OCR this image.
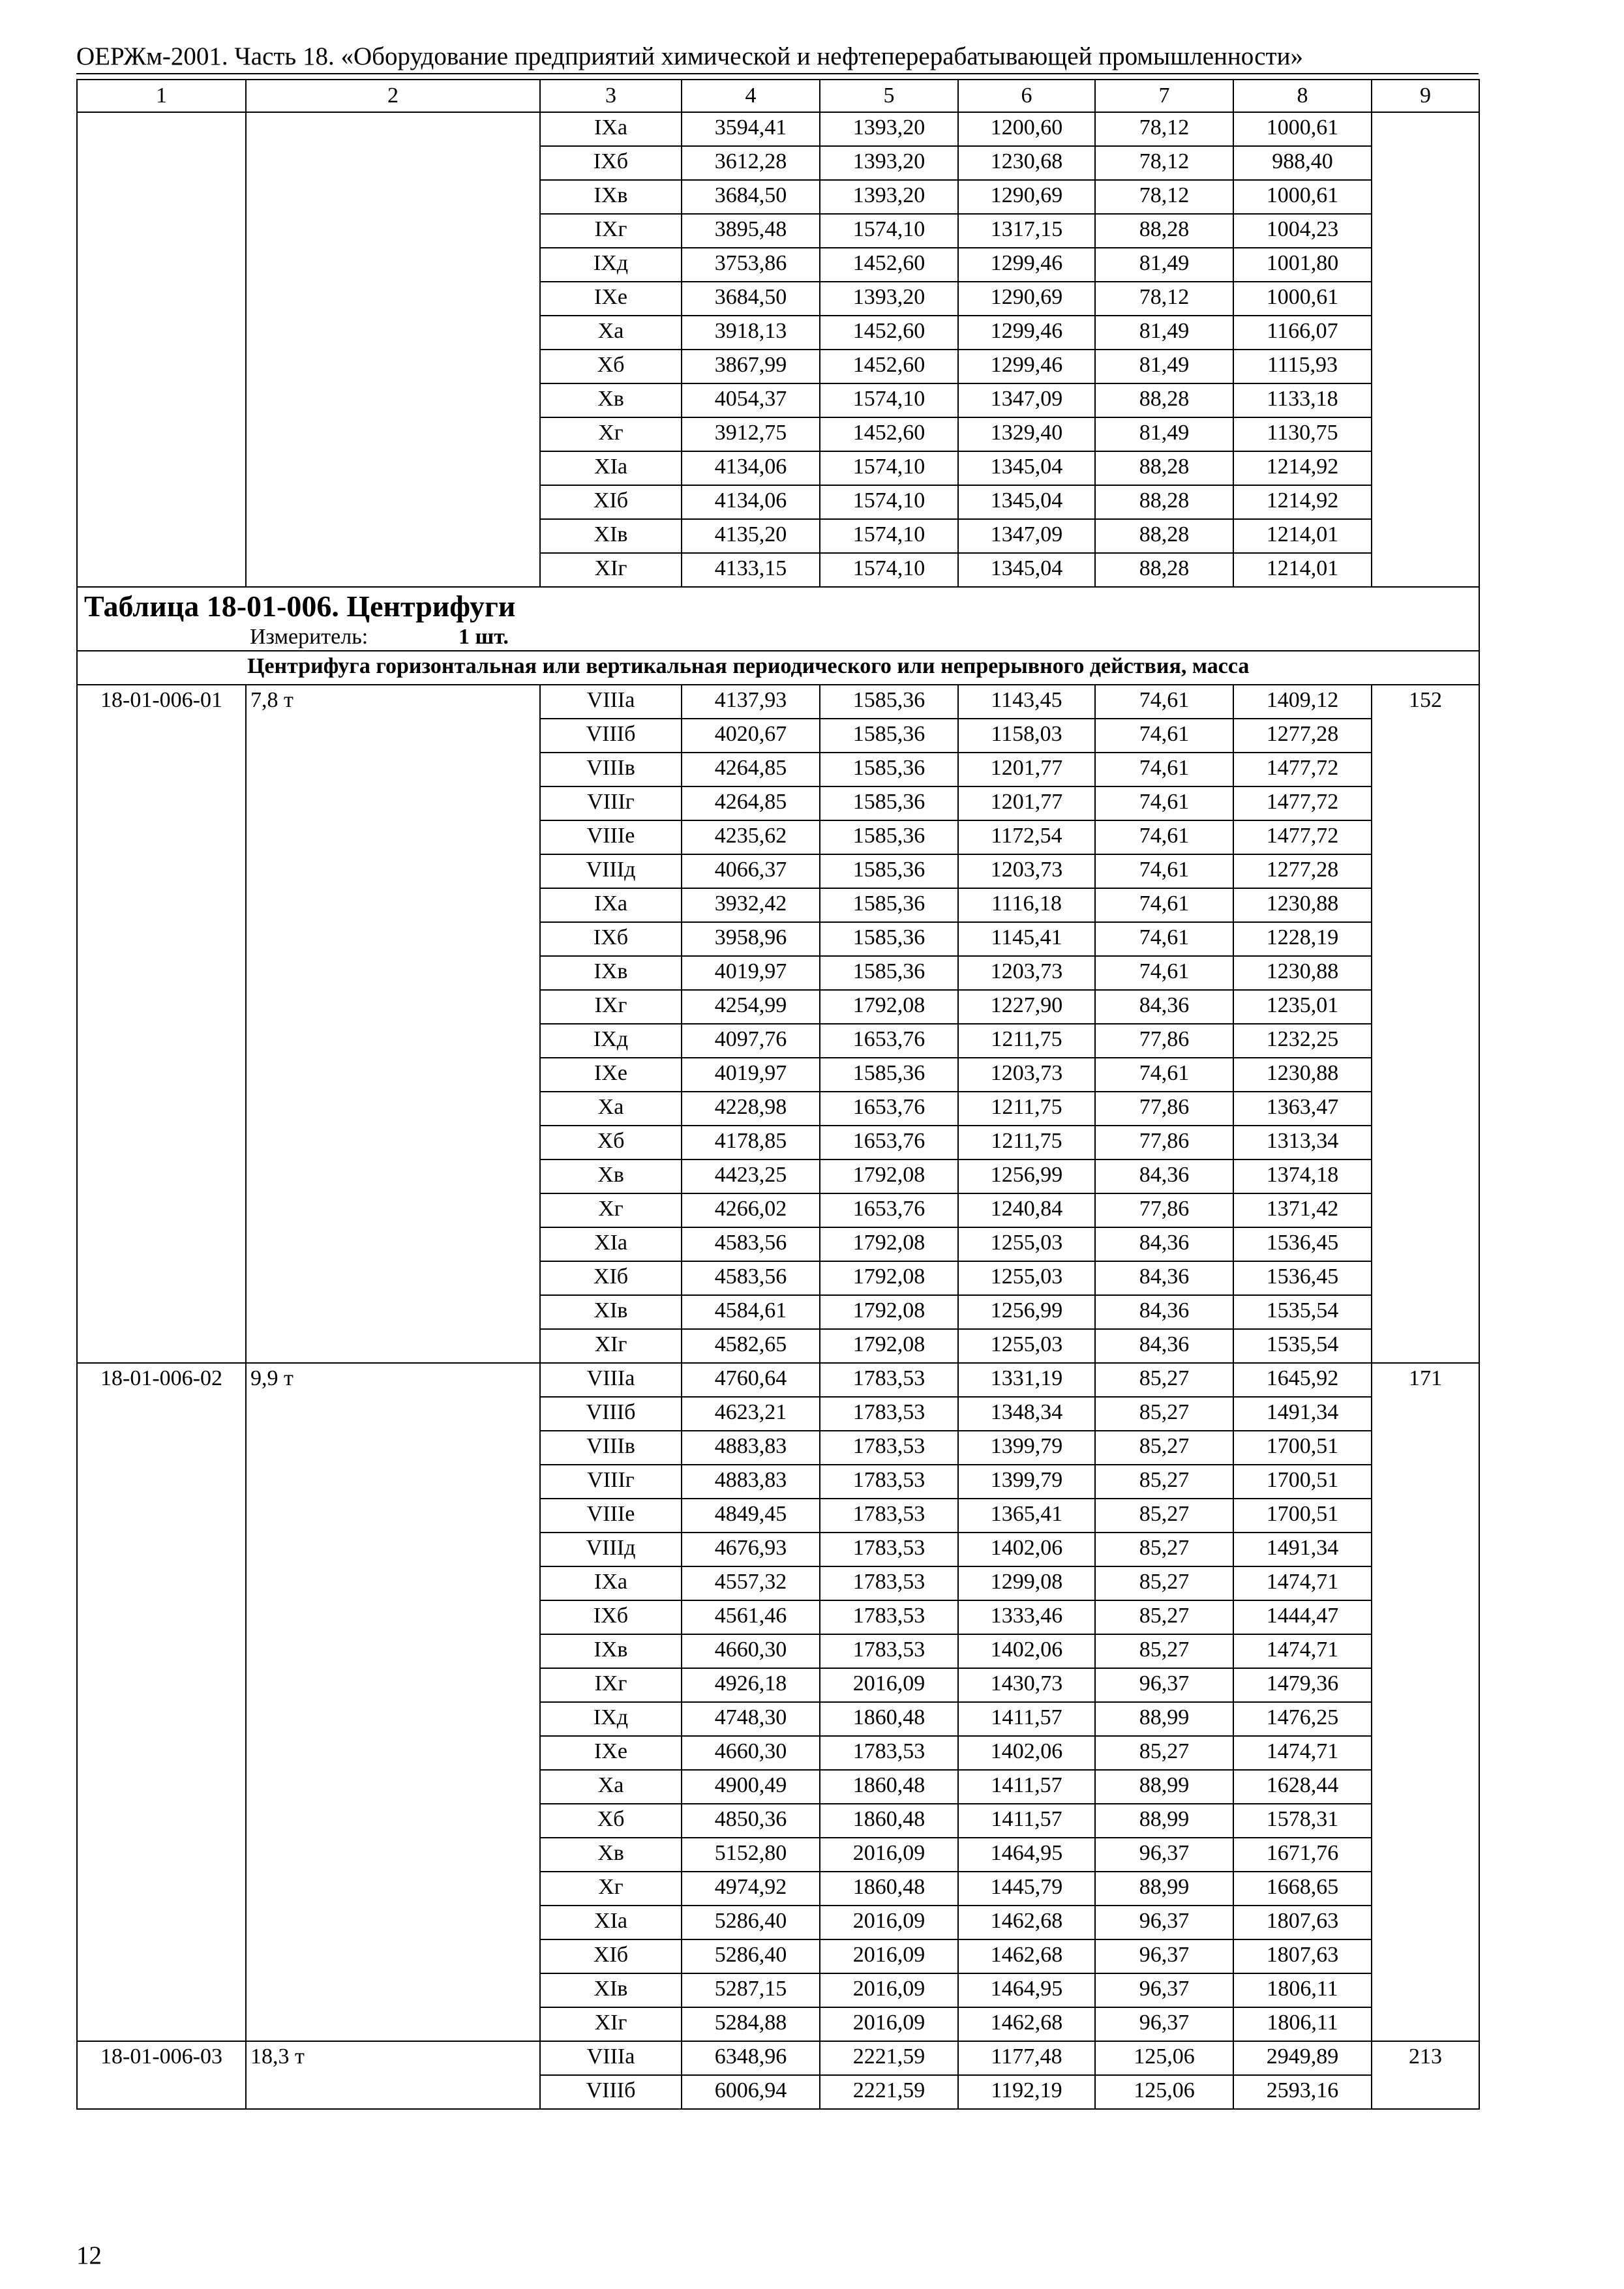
ОЕРЖм-2001. Часть 18. «Оборудование предприятий химической и нефтеперерабатывающей промышленности»
1	2	3	4	5	6	7	8	9
		IXа	3594,41	1393,20	1200,60	78,12	1000,61	
		IXб	3612,28	1393,20	1230,68	78,12	988,40	
		IXв	3684,50	1393,20	1290,69	78,12	1000,61	
		IXг	3895,48	1574,10	1317,15	88,28	1004,23	
		IXд	3753,86	1452,60	1299,46	81,49	1001,80	
		IXе	3684,50	1393,20	1290,69	78,12	1000,61	
		Xа	3918,13	1452,60	1299,46	81,49	1166,07	
		Xб	3867,99	1452,60	1299,46	81,49	1115,93	
		Xв	4054,37	1574,10	1347,09	88,28	1133,18	
		Xг	3912,75	1452,60	1329,40	81,49	1130,75	
		XIа	4134,06	1574,10	1345,04	88,28	1214,92	
		XIб	4134,06	1574,10	1345,04	88,28	1214,92	
		XIв	4135,20	1574,10	1347,09	88,28	1214,01	
		XIг	4133,15	1574,10	1345,04	88,28	1214,01	

Таблица 18-01-006. Центрифуги
Измеритель: 1 шт.								

	Центрифуга горизонтальная или вертикальная периодического или непрерывного действия, масса							
18-01-006-01	7,8 т	VIIIа	4137,93	1585,36	1143,45	74,61	1409,12	152
		VIIIб	4020,67	1585,36	1158,03	74,61	1277,28	
		VIIIв	4264,85	1585,36	1201,77	74,61	1477,72	
		VIIIг	4264,85	1585,36	1201,77	74,61	1477,72	
		VIIIе	4235,62	1585,36	1172,54	74,61	1477,72	
		VIIIд	4066,37	1585,36	1203,73	74,61	1277,28	
		IXа	3932,42	1585,36	1116,18	74,61	1230,88	
		IXб	3958,96	1585,36	1145,41	74,61	1228,19	
		IXв	4019,97	1585,36	1203,73	74,61	1230,88	
		IXг	4254,99	1792,08	1227,90	84,36	1235,01	
		IXд	4097,76	1653,76	1211,75	77,86	1232,25	
		IXе	4019,97	1585,36	1203,73	74,61	1230,88	
		Xа	4228,98	1653,76	1211,75	77,86	1363,47	
		Xб	4178,85	1653,76	1211,75	77,86	1313,34	
		Xв	4423,25	1792,08	1256,99	84,36	1374,18	
		Xг	4266,02	1653,76	1240,84	77,86	1371,42	
		XIа	4583,56	1792,08	1255,03	84,36	1536,45	
		XIб	4583,56	1792,08	1255,03	84,36	1536,45	
		XIв	4584,61	1792,08	1256,99	84,36	1535,54	
		XIг	4582,65	1792,08	1255,03	84,36	1535,54	
18-01-006-02	9,9 т	VIIIа	4760,64	1783,53	1331,19	85,27	1645,92	171
		VIIIб	4623,21	1783,53	1348,34	85,27	1491,34	
		VIIIв	4883,83	1783,53	1399,79	85,27	1700,51	
		VIIIг	4883,83	1783,53	1399,79	85,27	1700,51	
		VIIIе	4849,45	1783,53	1365,41	85,27	1700,51	
		VIIIд	4676,93	1783,53	1402,06	85,27	1491,34	
		IXа	4557,32	1783,53	1299,08	85,27	1474,71	
		IXб	4561,46	1783,53	1333,46	85,27	1444,47	
		IXв	4660,30	1783,53	1402,06	85,27	1474,71	
		IXг	4926,18	2016,09	1430,73	96,37	1479,36	
		IXд	4748,30	1860,48	1411,57	88,99	1476,25	
		IXе	4660,30	1783,53	1402,06	85,27	1474,71	
		Xа	4900,49	1860,48	1411,57	88,99	1628,44	
		Xб	4850,36	1860,48	1411,57	88,99	1578,31	
		Xв	5152,80	2016,09	1464,95	96,37	1671,76	
		Xг	4974,92	1860,48	1445,79	88,99	1668,65	
		XIа	5286,40	2016,09	1462,68	96,37	1807,63	
		XIб	5286,40	2016,09	1462,68	96,37	1807,63	
		XIв	5287,15	2016,09	1464,95	96,37	1806,11	
		XIг	5284,88	2016,09	1462,68	96,37	1806,11	
18-01-006-03	18,3 т	VIIIа	6348,96	2221,59	1177,48	125,06	2949,89	213
		VIIIб	6006,94	2221,59	1192,19	125,06	2593,16	
12
